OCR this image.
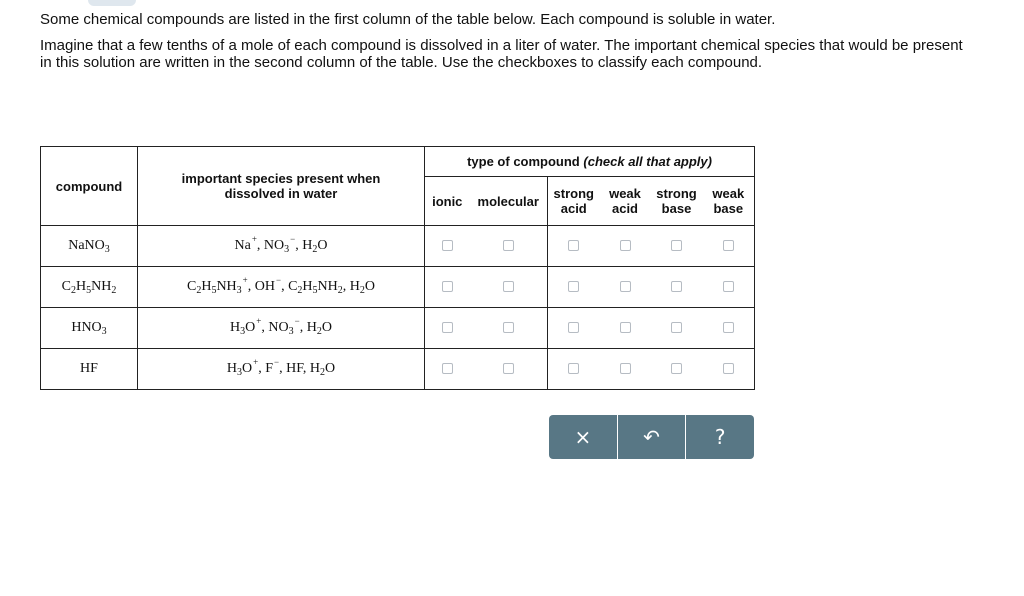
Some chemical compounds are listed in the first column of the table below. Each compound is soluble in water.

Imagine that a few tenths of a mole of each compound is dissolved in a liter of water. The important chemical species that would be present in this solution are written in the second column of the table. Use the checkboxes to classify each compound.

compound	important species present when dissolved in water	type of compound (check all that apply)					
		ionic	molecular	strong acid	weak acid	strong base	weak base
NaNO$_3$	Na+, $NO_3^-$, $H_2O$						
$C_2H_5NH_2$	$C_2H_5NH_3^+$, OH−, $C_2H_5NH_2$, $H_2O$						
$HNO_3$	$H_3O^+$, $NO_3^-$, $H_2O$						
HF	$H_3O^+$, F−, HF, $H_2O$						
×	↶	?
